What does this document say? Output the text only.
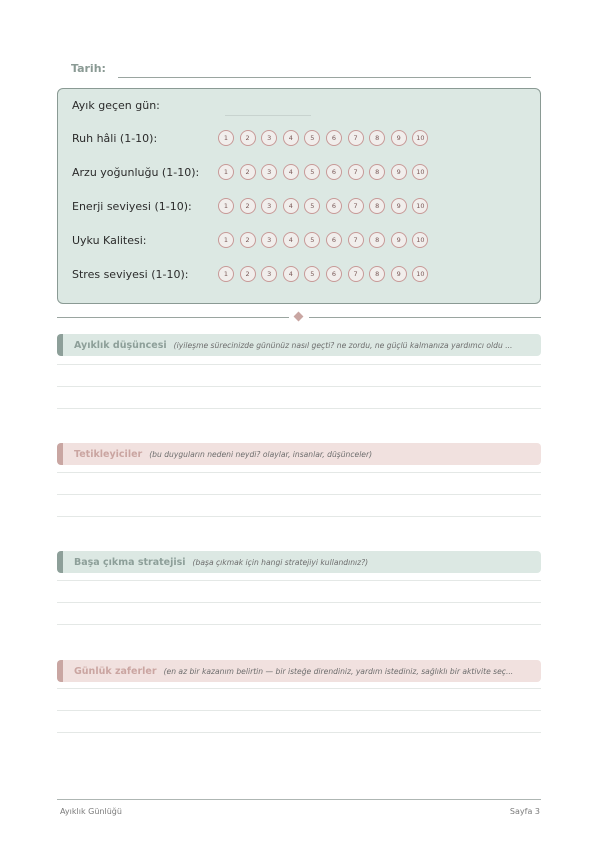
Tarih:
Ayık geçen gün:
Ruh hâli (1-10):	1	2	3	4	5	6	7	8	9	10
Arzu yoğunluğu (1-10):	1	2	3	4	5	6	7	8	9	10
Enerji seviyesi (1-10):	1	2	3	4	5	6	7	8	9	10
Uyku Kalitesi:	1	2	3	4	5	6	7	8	9	10
Stres seviyesi (1-10):	1	2	3	4	5	6	7	8	9	10
Ayıklık düşüncesi (iyileşme sürecinizde gününüz nasıl geçti? ne zordu, ne güçlü kalmanıza yardımcı oldu ...
Tetikleyiciler (bu duyguların nedeni neydi? olaylar, insanlar, düşünceler)
Başa çıkma stratejisi (başa çıkmak için hangi stratejiyi kullandınız?)
Günlük zaferler (en az bir kazanım belirtin — bir isteğe direndiniz, yardım istediniz, sağlıklı bir aktivite seç...
Ayıklık Günlüğü	Sayfa 3
